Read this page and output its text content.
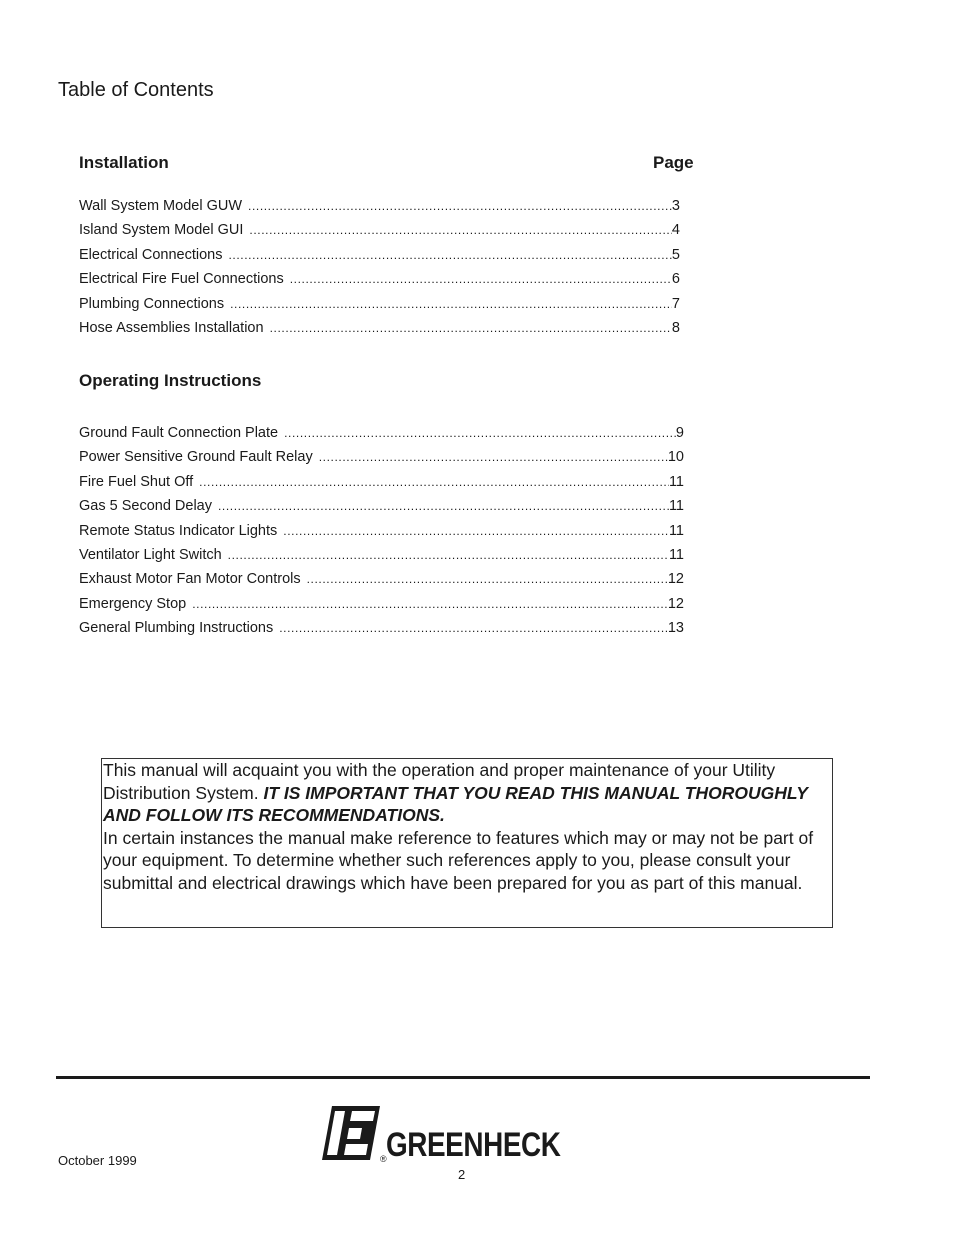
Table of Contents
Installation	Page
Wall System Model GUW .....	3
Island System Model GUI .....	4
Electrical Connections .....	5
Electrical Fire Fuel Connections .....	6
Plumbing Connections .....	7
Hose Assemblies Installation .....	8
Operating Instructions
Ground Fault Connection Plate .....	9
Power Sensitive Ground Fault Relay .....	10
Fire Fuel Shut Off .....	11
Gas 5 Second Delay .....	11
Remote Status Indicator Lights .....	11
Ventilator Light Switch .....	11
Exhaust Motor Fan Motor Controls .....	12
Emergency Stop .....	12
General Plumbing Instructions .....	13

This manual will acquaint you with the operation and proper maintenance of your Utility Distribution System. IT IS IMPORTANT THAT YOU READ THIS MANUAL THOROUGHLY AND FOLLOW ITS RECOMMENDATIONS.

In certain instances the manual make reference to features which may or may not be part of your equipment. To determine whether such references apply to you, please consult your submittal and electrical drawings which have been prepared for you as part of this manual.

GREENHECK
®
October 1999
2
